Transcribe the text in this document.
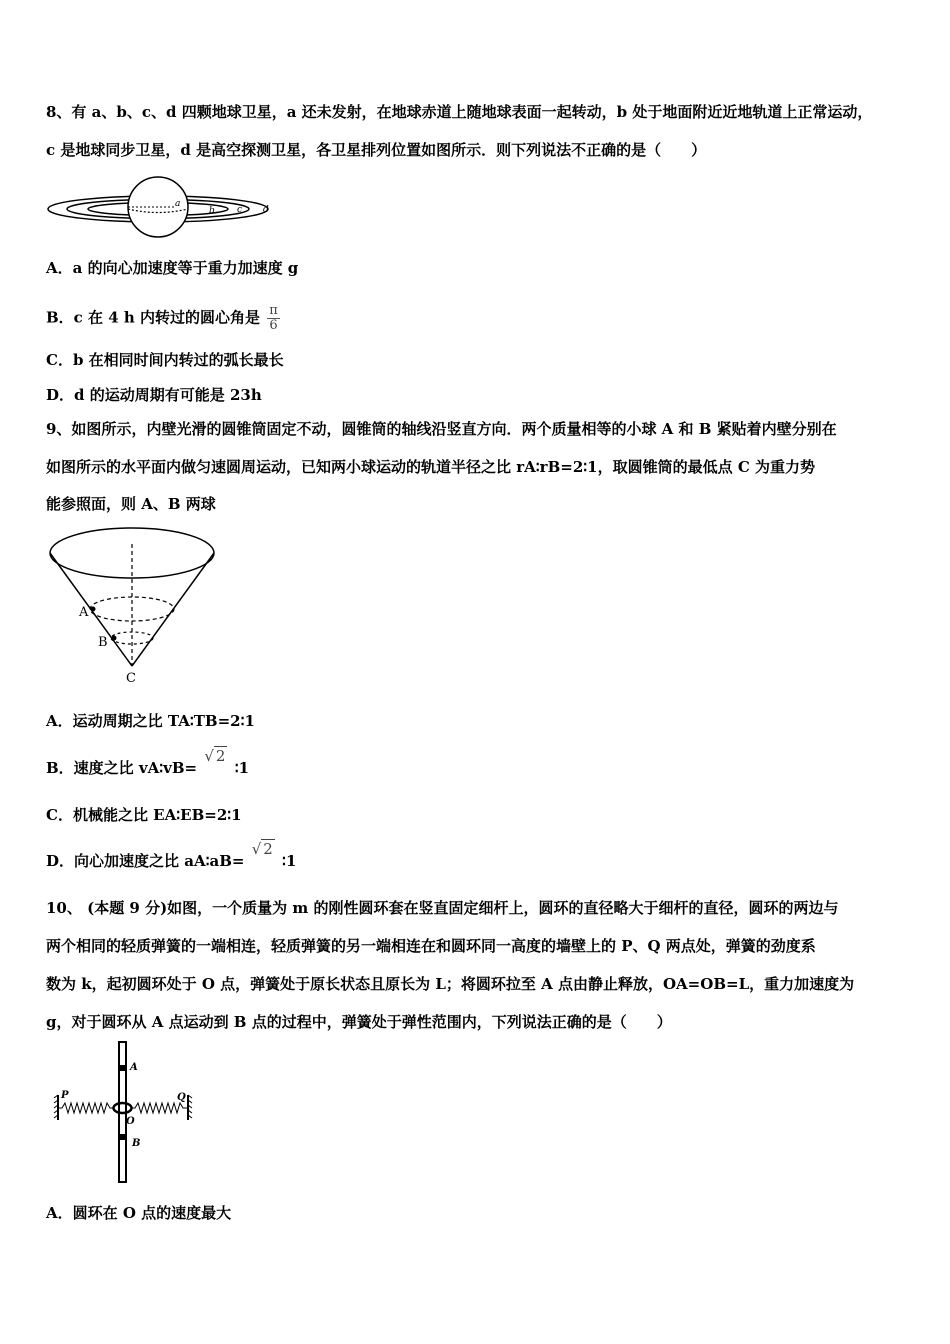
8、有 a、b、c、d 四颗地球卫星，a 还未发射，在地球赤道上随地球表面一起转动，b 处于地面附近近地轨道上正常运动，
c 是地球同步卫星，d 是高空探测卫星，各卫星排列位置如图所示．则下列说法不正确的是（　　）
a
b c d
A．a 的向心加速度等于重力加速度 g
B．c 在 4 h 内转过的圆心角是 $\frac{\pi}{6}$
C．b 在相同时间内转过的弧长最长
D．d 的运动周期有可能是 23h
9、如图所示，内壁光滑的圆锥筒固定不动，圆锥筒的轴线沿竖直方向．两个质量相等的小球 A 和 B 紧贴着内壁分别在
如图所示的水平面内做匀速圆周运动，已知两小球运动的轨道半径之比 rA∶rB=2∶1，取圆锥筒的最低点 C 为重力势
能参照面，则 A、B 两球
A
B
C
A．运动周期之比 TA∶TB=2∶1
B．速度之比 vA∶vB= √ 2 ∶1
C．机械能之比 EA∶EB=2∶1
D．向心加速度之比 aA∶aB= √ 2 ∶1
10、 (本题 9 分)如图，一个质量为 m 的刚性圆环套在竖直固定细杆上，圆环的直径略大于细杆的直径，圆环的两边与
两个相同的轻质弹簧的一端相连，轻质弹簧的另一端相连在和圆环同一高度的墙壁上的 P、Q 两点处，弹簧的劲度系
数为 k，起初圆环处于 O 点，弹簧处于原长状态且原长为 L；将圆环拉至 A 点由静止释放，OA=OB=L，重力加速度为
g，对于圆环从 A 点运动到 B 点的过程中，弹簧处于弹性范围内，下列说法正确的是（　　）
P	Q
A
O
B
A．圆环在 O 点的速度最大
